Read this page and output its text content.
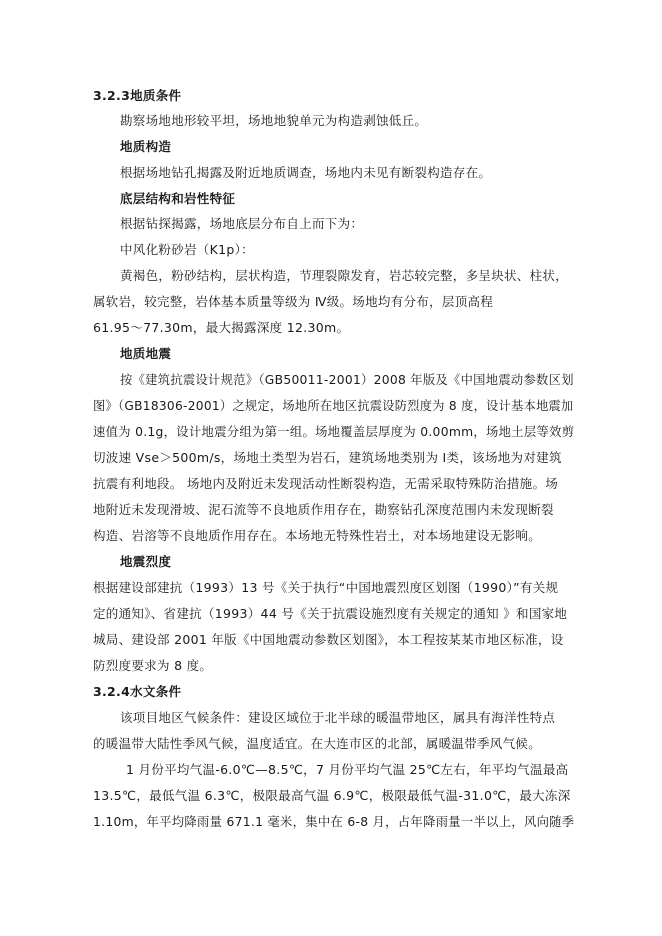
3.2.3地质条件
勘察场地地形较平坦，场地地貌单元为构造剥蚀低丘。
地质构造
根据场地钻孔揭露及附近地质调查，场地内未见有断裂构造存在。
底层结构和岩性特征
根据钻探揭露，场地底层分布自上而下为：
中风化粉砂岩（K1p）：
黄褐色，粉砂结构，层状构造，节理裂隙发育，岩芯较完整，多呈块状、柱状，
属软岩，较完整，岩体基本质量等级为 Ⅳ级。场地均有分布，层顶高程
61.95～77.30m，最大揭露深度 12.30m。
地质地震
按《建筑抗震设计规范》（GB50011-2001）2008 年版及《中国地震动参数区划
图》（GB18306-2001）之规定，场地所在地区抗震设防烈度为 8 度，设计基本地震加
速值为 0.1g，设计地震分组为第一组。场地覆盖层厚度为 0.00mm，场地土层等效剪
切波速 Vse＞500m/s，场地土类型为岩石，建筑场地类别为 Ⅰ类，该场地为对建筑
抗震有利地段。 场地内及附近未发现活动性断裂构造，无需采取特殊防治措施。场
地附近未发现滑坡、泥石流等不良地质作用存在，勘察钻孔深度范围内未发现断裂
构造、岩溶等不良地质作用存在。本场地无特殊性岩土，对本场地建设无影响。
地震烈度
根据建设部建抗（1993）13 号《关于执行“中国地震烈度区划图（1990）”有关规
定的通知》、省建抗（1993）44 号《关于抗震设施烈度有关规定的通知 》和国家地
城局、建设部 2001 年版《中国地震动参数区划图》，本工程按某某市地区标准，设
防烈度要求为 8 度。
3.2.4水文条件
该项目地区气候条件：建设区域位于北半球的暖温带地区，属具有海洋性特点
的暖温带大陆性季风气候，温度适宜。在大连市区的北部，属暖温带季风气候。
1 月份平均气温-6.0℃—8.5℃，7 月份平均气温 25℃左右，年平均气温最高
13.5℃，最低气温 6.3℃，极限最高气温 6.9℃，极限最低气温-31.0℃，最大冻深
1.10m，年平均降雨量 671.1 毫米，集中在 6-8 月，占年降雨量一半以上，风向随季
